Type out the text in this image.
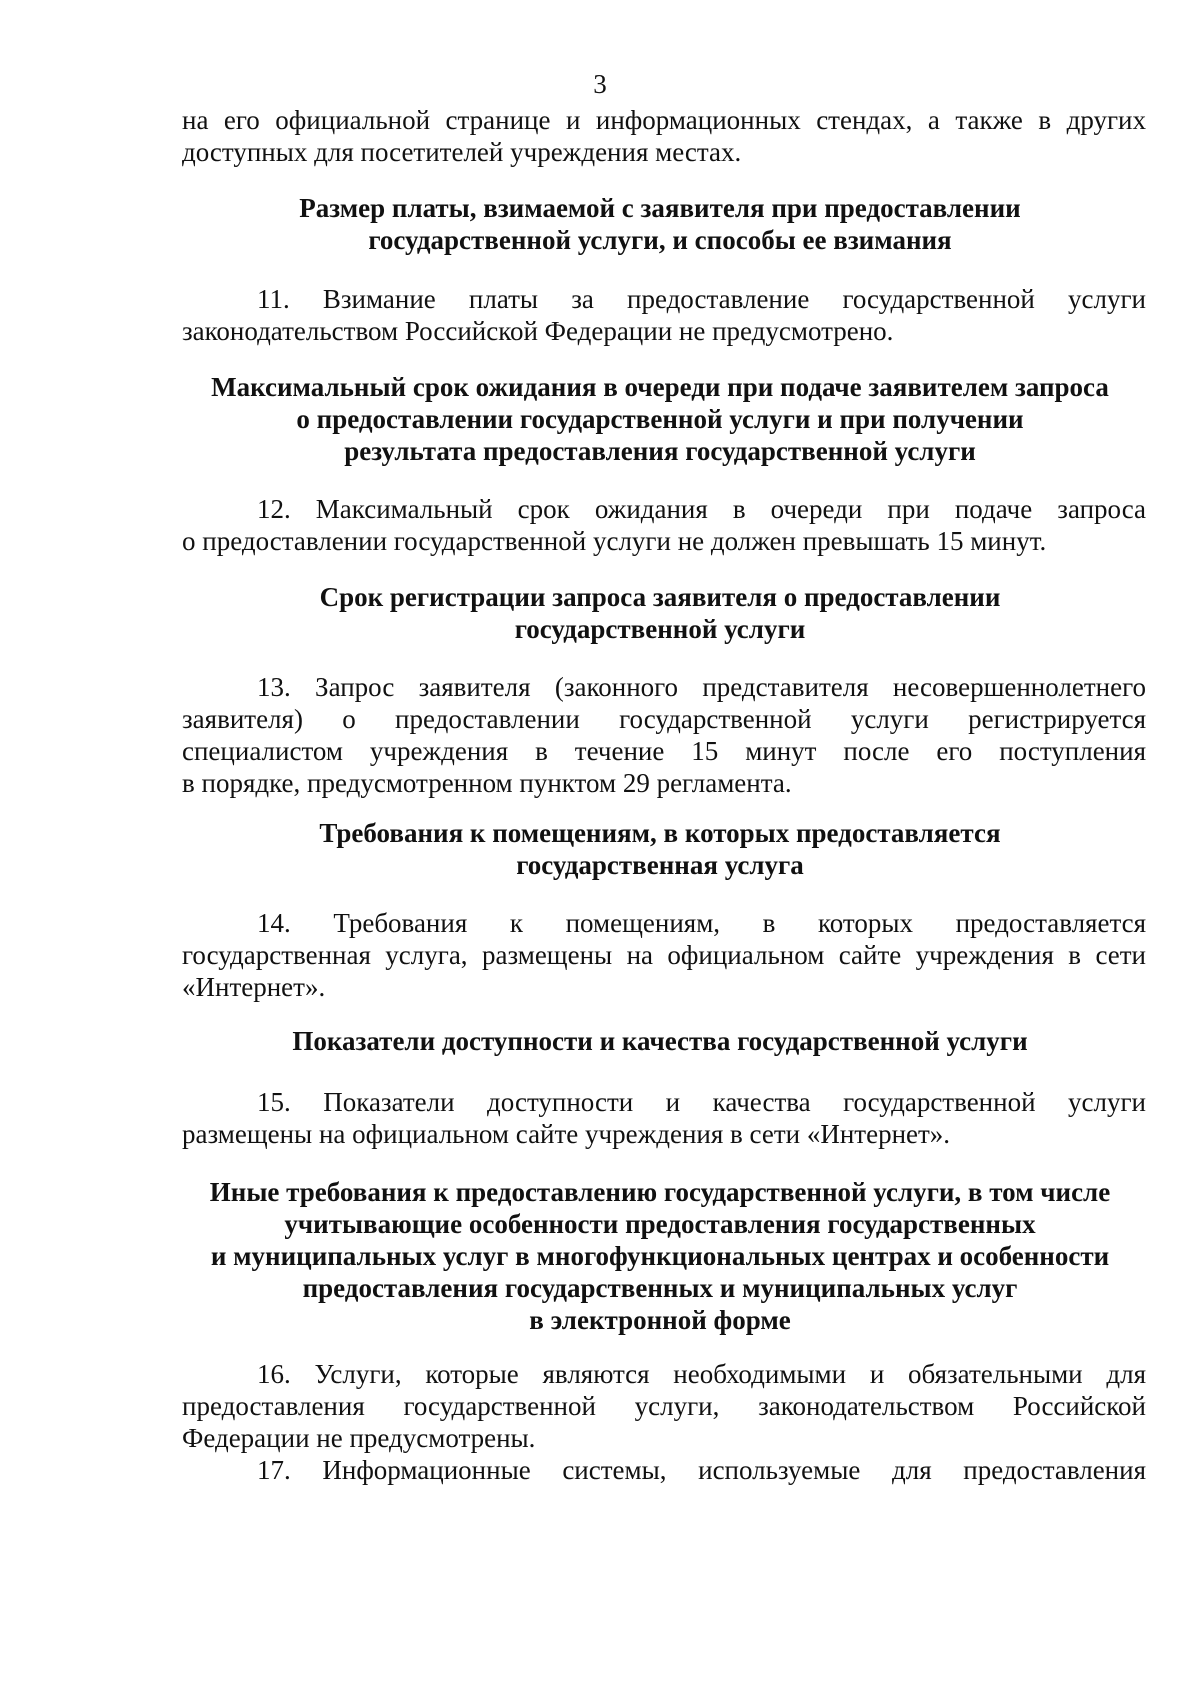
3
на его официальной странице и информационных стендах, а также в других
доступных для посетителей учреждения местах.
Размер платы, взимаемой с заявителя при предоставлении
государственной услуги, и способы ее взимания
11. Взимание платы за предоставление государственной услуги
законодательством Российской Федерации не предусмотрено.
Максимальный срок ожидания в очереди при подаче заявителем запроса
о предоставлении государственной услуги и при получении
результата предоставления государственной услуги
12. Максимальный срок ожидания в очереди при подаче запроса
о предоставлении государственной услуги не должен превышать 15 минут.
Срок регистрации запроса заявителя о предоставлении
государственной услуги
13. Запрос заявителя (законного представителя несовершеннолетнего
заявителя) о предоставлении государственной услуги регистрируется
специалистом учреждения в течение 15 минут после его поступления
в порядке, предусмотренном пунктом 29 регламента.
Требования к помещениям, в которых предоставляется
государственная услуга
14. Требования к помещениям, в которых предоставляется
государственная услуга, размещены на официальном сайте учреждения в сети
«Интернет».
Показатели доступности и качества государственной услуги
15. Показатели доступности и качества государственной услуги
размещены на официальном сайте учреждения в сети «Интернет».
Иные требования к предоставлению государственной услуги, в том числе
учитывающие особенности предоставления государственных
и муниципальных услуг в многофункциональных центрах и особенности
предоставления государственных и муниципальных услуг
в электронной форме
16. Услуги, которые являются необходимыми и обязательными для
предоставления государственной услуги, законодательством Российской
Федерации не предусмотрены.
17. Информационные системы, используемые для предоставления
